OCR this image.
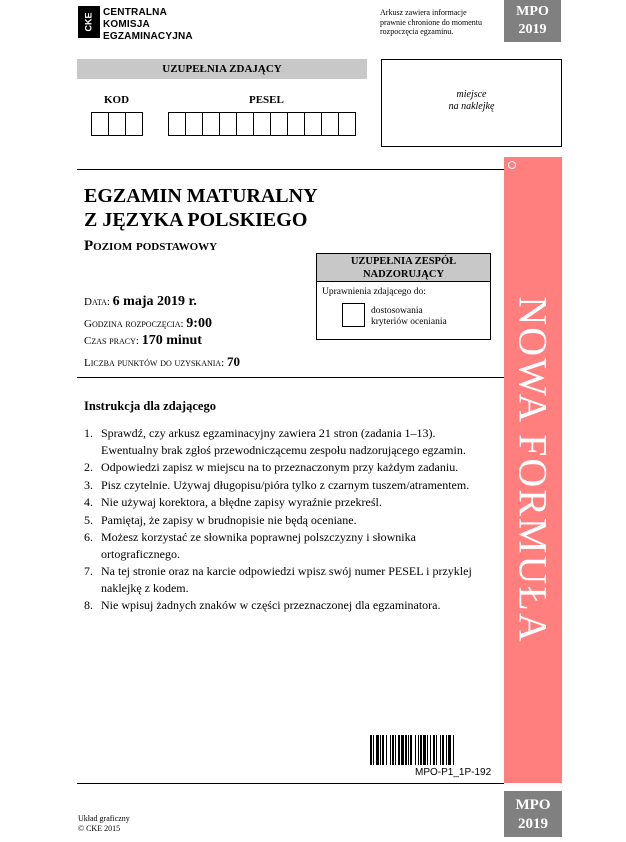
CKE CENTRALNA
KOMISJA
EGZAMINACYJNA
Arkusz zawiera informacje
prawnie chronione do momentu
rozpoczęcia egzaminu.
MPO
2019
UZUPEŁNIA ZDAJĄCY
KOD	PESEL	miejsce
na naklejkę
NOWA FORMUŁA
EGZAMIN MATURALNY
Z JĘZYKA POLSKIEGO
Poziom podstawowy
UZUPEŁNIA ZESPÓŁ
NADZORUJĄCY
Uprawnienia zdającego do:
dostosowania
kryteriów oceniania
Data: 6 maja 2019 r.
Godzina rozpoczęcia: 9:00
Czas pracy: 170 minut
Liczba punktów do uzyskania: 70
Instrukcja dla zdającego
1. Sprawdź, czy arkusz egzaminacyjny zawiera 21 stron (zadania 1–13). Ewentualny brak zgłoś przewodniczącemu zespołu nadzorującego egzamin.
2. Odpowiedzi zapisz w miejscu na to przeznaczonym przy każdym zadaniu.
3. Pisz czytelnie. Używaj długopisu/pióra tylko z czarnym tuszem/atramentem.
4. Nie używaj korektora, a błędne zapisy wyraźnie przekreśl.
5. Pamiętaj, że zapisy w brudnopisie nie będą oceniane.
6. Możesz korzystać ze słownika poprawnej polszczyzny i słownika ortograficznego.
7. Na tej stronie oraz na karcie odpowiedzi wpisz swój numer PESEL i przyklej naklejkę z kodem.
8. Nie wpisuj żadnych znaków w części przeznaczonej dla egzaminatora.
MPO-P1_1P-192
Układ graficzny
© CKE 2015
MPO
2019
